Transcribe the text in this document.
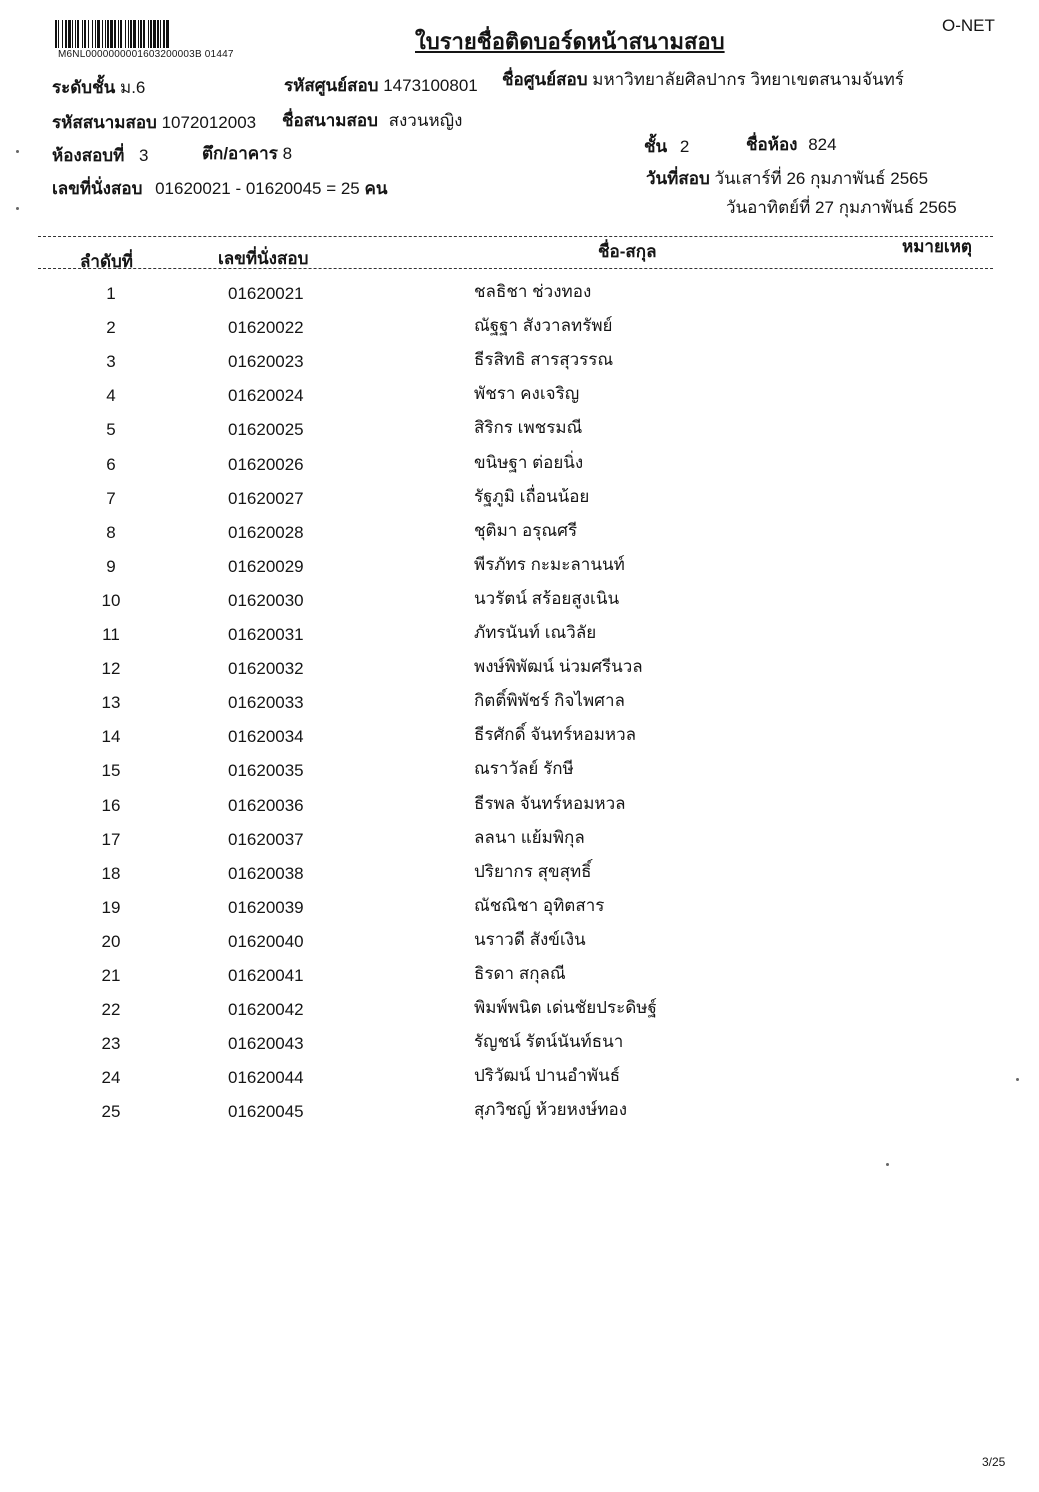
M6NL0000000001603200003B 01447
ใบรายชื่อติดบอร์ดหน้าสนามสอบ
O-NET
ระดับชั้น ม.6	รหัสศูนย์สอบ 1473100801 ชื่อศูนย์สอบ มหาวิทยาลัยศิลปากร วิทยาเขตสนามจันทร์
รหัสสนามสอบ 1072012003 ชื่อสนามสอบ สงวนหญิง
ห้องสอบที่ 3	ตึก/อาคาร 8	ชั้น 2	ชื่อห้อง 824
เลขที่นั่งสอบ 01620021 - 01620045 = 25 คน
วันที่สอบ วันเสาร์ที่ 26 กุมภาพันธ์ 2565
วันอาทิตย์ที่ 27 กุมภาพันธ์ 2565
ลำดับที่	เลขที่นั่งสอบ	ชื่อ-สกุล	หมายเหตุ
1	01620021	ชลธิชา ช่วงทอง
2	01620022	ณัฐฐา สังวาลทรัพย์
3	01620023	ธีรสิทธิ สารสุวรรณ
4	01620024	พัชรา คงเจริญ
5	01620025	สิริกร เพชรมณี
6	01620026	ขนิษฐา ต่อยนิ่ง
7	01620027	รัฐภูมิ เถื่อนน้อย
8	01620028	ชุติมา อรุณศรี
9	01620029	พีรภัทร กะมะลานนท์
10	01620030	นวรัตน์ สร้อยสูงเนิน
11	01620031	ภัทรนันท์ เณวิลัย
12	01620032	พงษ์พิพัฒน์ น่วมศรีนวล
13	01620033	กิตติ์พิพัชร์ กิจไพศาล
14	01620034	ธีรศักดิ์ จันทร์หอมหวล
15	01620035	ณราวัลย์ รักษี
16	01620036	ธีรพล จันทร์หอมหวล
17	01620037	ลลนา แย้มพิกุล
18	01620038	ปริยากร สุขสุทธิ์
19	01620039	ณัชณิชา อุทิตสาร
20	01620040	นราวดี สังข์เงิน
21	01620041	ธิรดา สกุลณี
22	01620042	พิมพ์พนิต เด่นชัยประดิษฐ์
23	01620043	รัญชน์ รัตน์นันท์ธนา
24	01620044	ปริวัฒน์ ปานอำพันธ์
25	01620045	สุภวิชญ์ ห้วยหงษ์ทอง
3/25
